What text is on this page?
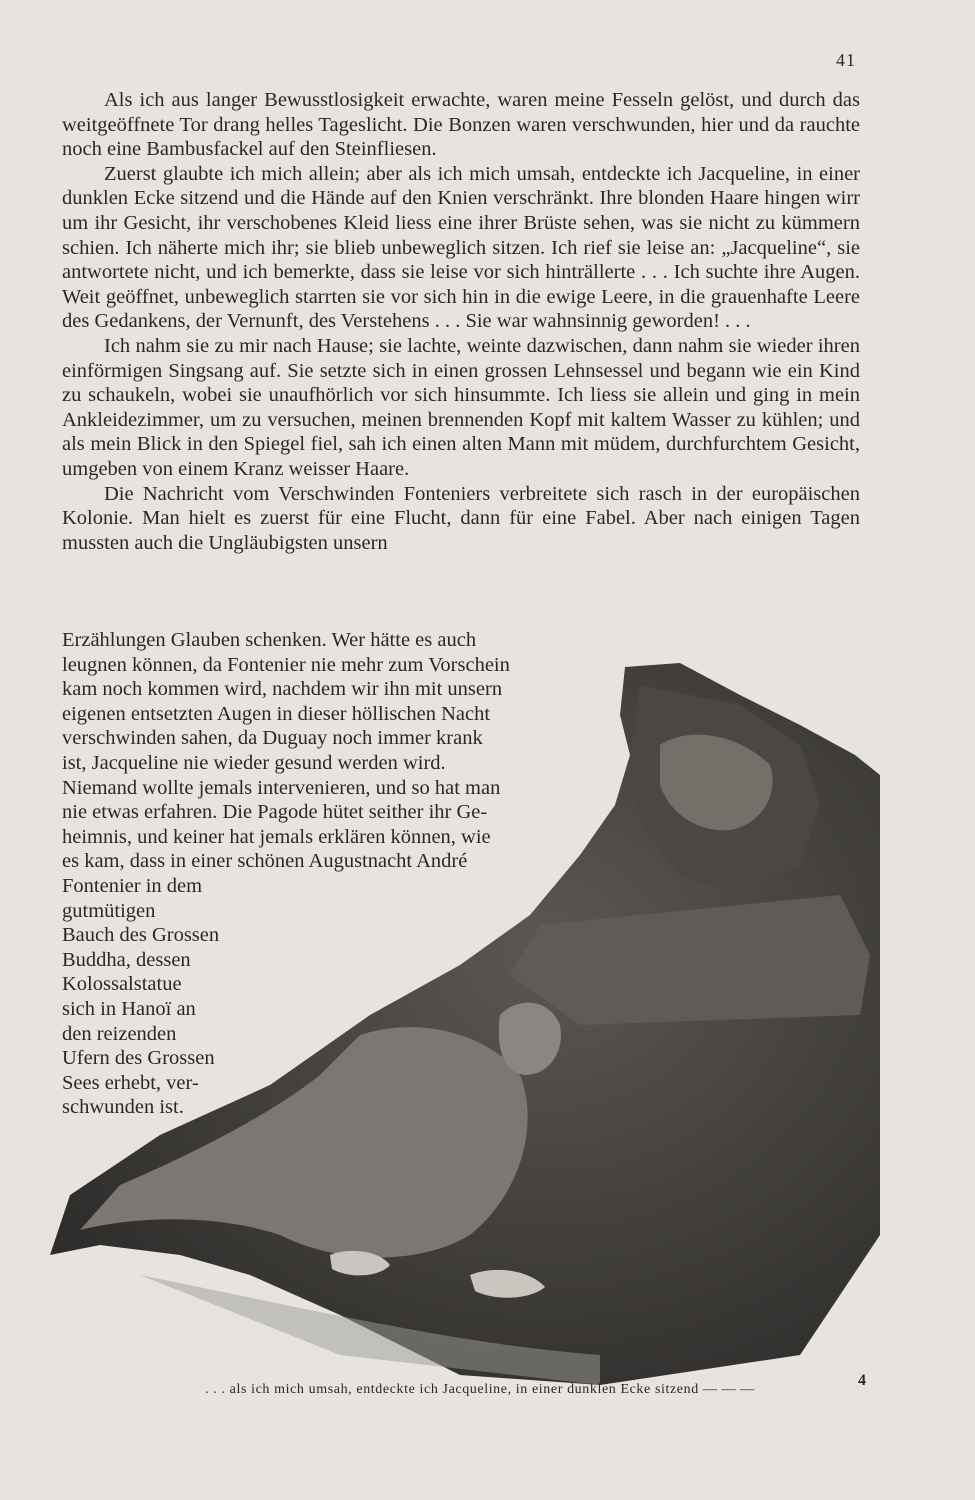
41

Als ich aus langer Bewusstlosigkeit erwachte, waren meine Fesseln gelöst, und durch das weitgeöffnete Tor drang helles Tageslicht. Die Bonzen waren verschwunden, hier und da rauchte noch eine Bambusfackel auf den Steinfliesen.

Zuerst glaubte ich mich allein; aber als ich mich umsah, entdeckte ich Jacqueline, in einer dunklen Ecke sitzend und die Hände auf den Knien verschränkt. Ihre blonden Haare hingen wirr um ihr Gesicht, ihr verschobenes Kleid liess eine ihrer Brüste sehen, was sie nicht zu kümmern schien. Ich näherte mich ihr; sie blieb unbeweglich sitzen. Ich rief sie leise an: „Jacqueline“, sie antwortete nicht, und ich bemerkte, dass sie leise vor sich hinträllerte . . . Ich suchte ihre Augen. Weit geöffnet, unbeweglich starrten sie vor sich hin in die ewige Leere, in die grauenhafte Leere des Gedankens, der Vernunft, des Verstehens . . . Sie war wahnsinnig geworden! . . .

Ich nahm sie zu mir nach Hause; sie lachte, weinte dazwischen, dann nahm sie wieder ihren einförmigen Singsang auf. Sie setzte sich in einen grossen Lehnsessel und begann wie ein Kind zu schaukeln, wobei sie unaufhörlich vor sich hinsummte. Ich liess sie allein und ging in mein Ankleidezimmer, um zu versuchen, meinen brennenden Kopf mit kaltem Wasser zu kühlen; und als mein Blick in den Spiegel fiel, sah ich einen alten Mann mit müdem, durchfurchtem Gesicht, umgeben von einem Kranz weisser Haare.

Die Nachricht vom Verschwinden Fonteniers verbreitete sich rasch in der europäischen Kolonie. Man hielt es zuerst für eine Flucht, dann für eine Fabel. Aber nach einigen Tagen mussten auch die Ungläubigsten unsern

Erzählungen Glauben schenken. Wer hätte es auch
leugnen können, da Fontenier nie mehr zum Vorschein
kam noch kommen wird, nachdem wir ihn mit unsern
eigenen entsetzten Augen in dieser höllischen Nacht
verschwinden sahen, da Duguay noch immer krank
ist, Jacqueline nie wieder gesund werden wird.
Niemand wollte jemals intervenieren, und so hat man
nie etwas erfahren. Die Pagode hütet seither ihr Ge-
heimnis, und keiner hat jemals erklären können, wie
es kam, dass in einer schönen Augustnacht André
Fontenier in dem
gutmütigen
Bauch des Grossen
Buddha, dessen
Kolossalstatue
sich in Hanoï an
den reizenden
Ufern des Grossen
Sees erhebt, ver-
schwunden ist.
. . . als ich mich umsah, entdeckte ich Jacqueline, in einer dunklen Ecke sitzend — — —
4
